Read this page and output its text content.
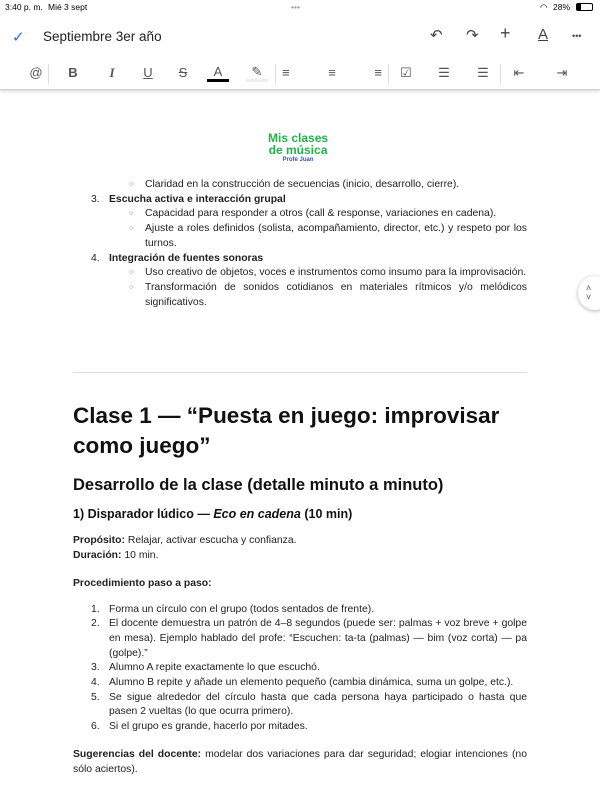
3:40 p. m. Mié 3 sept	•••	◠ 28%
✓ Septiembre 3er año	↶ ↷ + A	•••
@	B	I	U	S	A	✎	≡	≡	≡	☑	☰	☰	⇤	⇥
Mis clases
de música
Profe Juan
˄
˅
○ Claridad en la construcción de secuencias (inicio, desarrollo, cierre).
3. Escucha activa e interacción grupal
○ Capacidad para responder a otros (call & response, variaciones en cadena).
○ Ajuste a roles definidos (solista, acompañamiento, director, etc.) y respeto por los turnos.
4. Integración de fuentes sonoras
○ Uso creativo de objetos, voces e instrumentos como insumo para la improvisación.
○ Transformación de sonidos cotidianos en materiales rítmicos y/o melódicos significativos.
Clase 1 — “Puesta en juego: improvisar como juego”
Desarrollo de la clase (detalle minuto a minuto)
1) Disparador lúdico — Eco en cadena (10 min)

Propósito: Relajar, activar escucha y confianza.

Duración: 10 min.

Procedimiento paso a paso:

1. Forma un círculo con el grupo (todos sentados de frente).
2. El docente demuestra un patrón de 4–8 segundos (puede ser: palmas + voz breve + golpe en mesa). Ejemplo hablado del profe: “Escuchen: ta-ta (palmas) — bim (voz corta) — pa (golpe).”
3. Alumno A repite exactamente lo que escuchó.
4. Alumno B repite y añade un elemento pequeño (cambia dinámica, suma un golpe, etc.).
5. Se sigue alrededor del círculo hasta que cada persona haya participado o hasta que pasen 2 vueltas (lo que ocurra primero).
6. Si el grupo es grande, hacerlo por mitades.

Sugerencias del docente: modelar dos variaciones para dar seguridad; elogiar intenciones (no sólo aciertos).
